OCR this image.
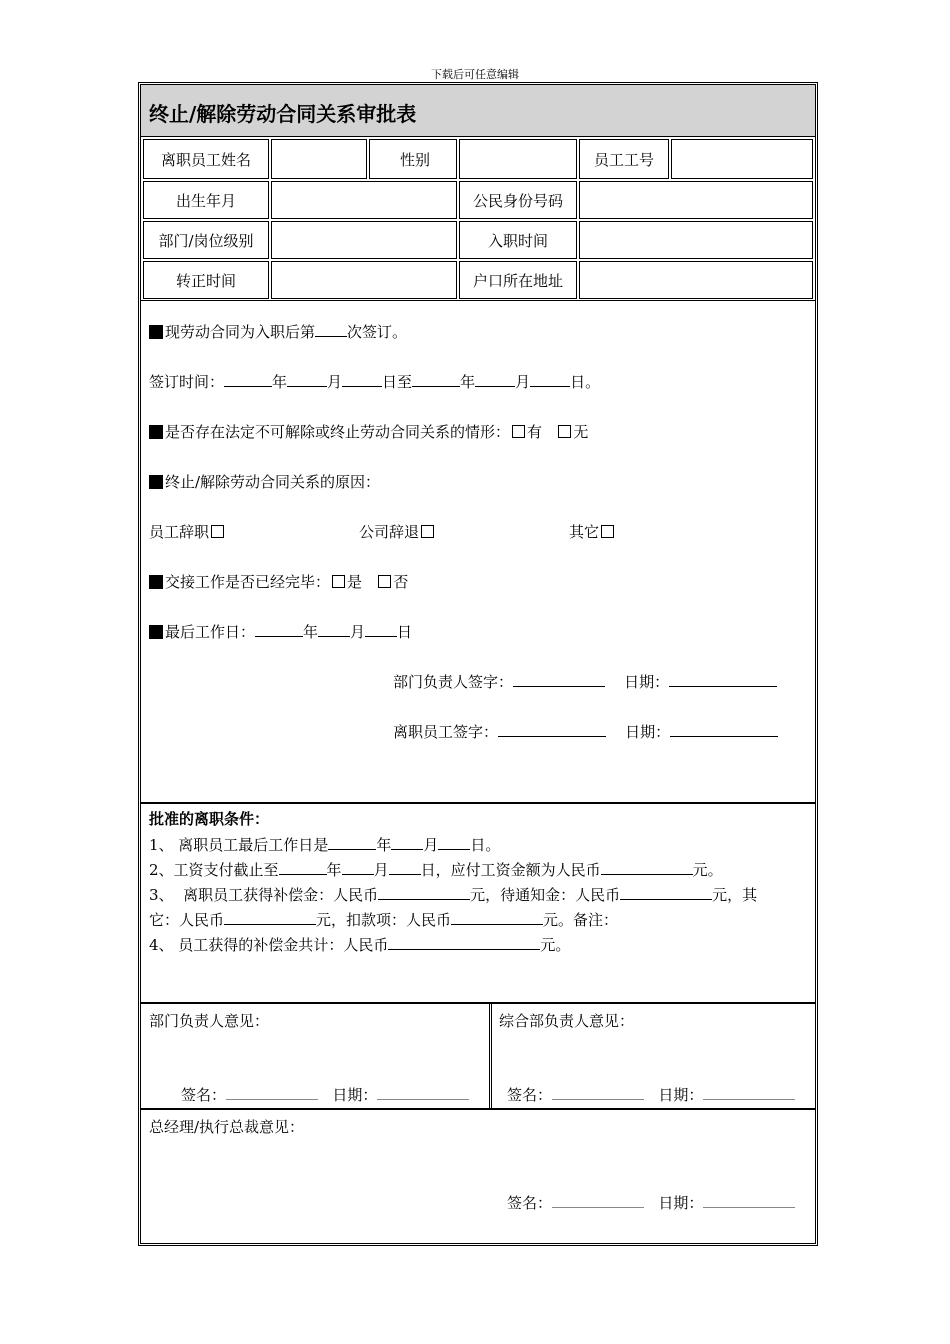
下载后可任意编辑
终止/解除劳动合同关系审批表
离职员工姓名	性别	员工工号
出生年月	公民身份号码
部门/岗位级别	入职时间
转正时间	户口所在地址
现劳动合同为入职后第 次签订。
签订时间：	年	月	日至	年	月	日。
是否存在法定不可解除或终止劳动合同关系的情形： 有 无
终止/解除劳动合同关系的原因：
员工辞职	公司辞退	其它
交接工作是否已经完毕： 是 否
最后工作日：	年 月 日
部门负责人签字：	日期：
离职员工签字：	日期：
批准的离职条件：
1、 离职员工最后工作日是	年 月 日。
2、工资支付截止至	年 月 日，应付工资金额为人民币	元。
3、  离职员工获得补偿金：人民币	元，待通知金：人民币	元，其
它：人民币	元，扣款项：人民币	元。备注：
4、 员工获得的补偿金共计：人民币	元。
部门负责人意见：
签名：	日期：
综合部负责人意见：
签名：	日期：
总经理/执行总裁意见：
签名：	日期：
